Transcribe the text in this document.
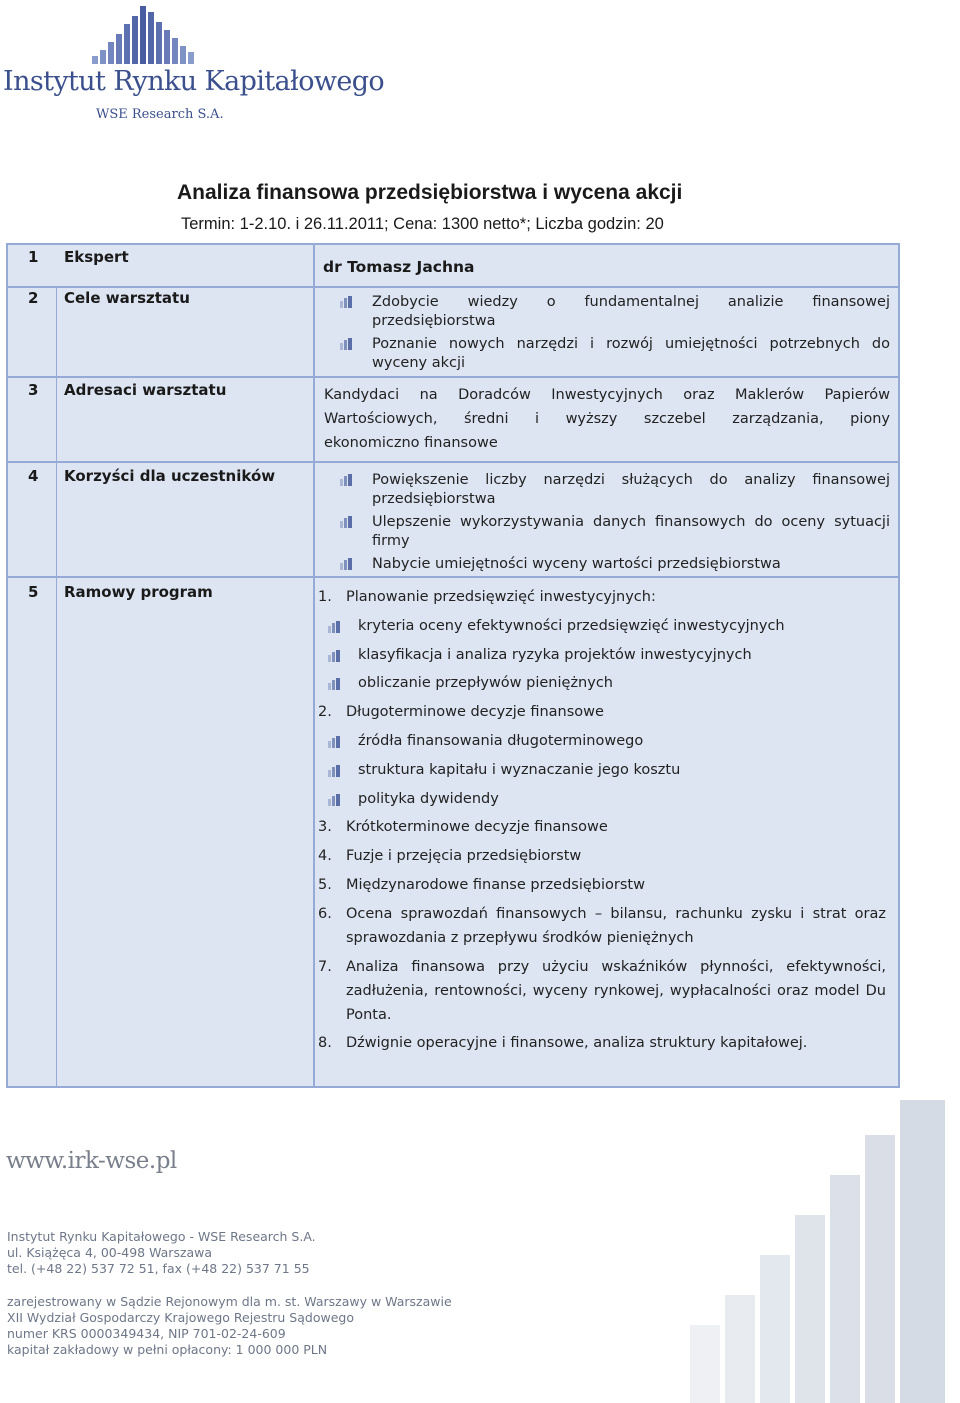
Instytut Rynku Kapitałowego
WSE Research S.A.
Analiza finansowa przedsiębiorstwa i wycena akcji
Termin: 1-2.10. i 26.11.2011; Cena: 1300 netto*; Liczba godzin: 20
1 Ekspert
2 Cele warsztatu
3 Adresaci warsztatu
4 Korzyści dla uczestników
5 Ramowy program
dr Tomasz Jachna
Zdobycie wiedzy o fundamentalnej analizie finansowej przedsiębiorstwa
Poznanie nowych narzędzi i rozwój umiejętności potrzebnych do wyceny akcji
Kandydaci na Doradców Inwestycyjnych oraz Maklerów Papierów
Wartościowych, średni i wyższy szczebel zarządzania, piony
ekonomiczno finansowe
Powiększenie liczby narzędzi służących do analizy finansowej przedsiębiorstwa
Ulepszenie wykorzystywania danych finansowych do oceny sytuacji firmy
Nabycie umiejętności wyceny wartości przedsiębiorstwa
1. Planowanie przedsięwzięć inwestycyjnych:
kryteria oceny efektywności przedsięwzięć inwestycyjnych
klasyfikacja i analiza ryzyka projektów inwestycyjnych
obliczanie przepływów pieniężnych
2. Długoterminowe decyzje finansowe
źródła finansowania długoterminowego
struktura kapitału i wyznaczanie jego kosztu
polityka dywidendy
3. Krótkoterminowe decyzje finansowe
4. Fuzje i przejęcia przedsiębiorstw
5. Międzynarodowe finanse przedsiębiorstw
6. Ocena sprawozdań finansowych – bilansu, rachunku zysku i strat oraz sprawozdania z przepływu środków pieniężnych
7. Analiza finansowa przy użyciu wskaźników płynności, efektywności, zadłużenia, rentowności, wyceny rynkowej, wypłacalności oraz model Du Ponta.
8. Dźwignie operacyjne i finansowe, analiza struktury kapitałowej.
www.irk-wse.pl
Instytut Rynku Kapitałowego - WSE Research S.A.
ul. Książęca 4, 00-498 Warszawa
tel. (+48 22) 537 72 51, fax (+48 22) 537 71 55
zarejestrowany w Sądzie Rejonowym dla m. st. Warszawy w Warszawie
XII Wydział Gospodarczy Krajowego Rejestru Sądowego
numer KRS 0000349434, NIP 701-02-24-609
kapitał zakładowy w pełni opłacony: 1 000 000 PLN
